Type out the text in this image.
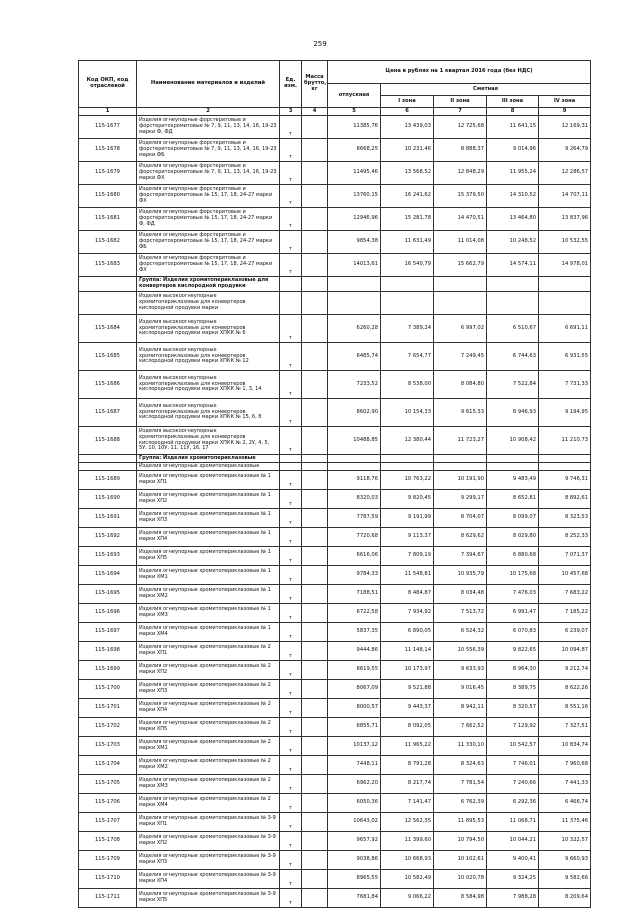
259
Код ОКП, код отраслевой	Наименование материалов и изделий	Ед. изм.	Масса брутто, кг	Цена в рублях на 1 квартал 2016 года (без НДС)				
				отпускная	Сметная			
					I зона	II зона	III зона	IV зона
1	2	3	4	5	6	7	8	9
115-1677	Изделия огнеупорные форстеритовые и форстеритохромитовые № 7, 9, 11, 13, 14, 16, 19-23 марки Ф, ФД	т		11385,76	13 439,03	12 725,68	11 641,15	12 169,31
115-1678	Изделия огнеупорные форстеритовые и форстеритохромитовые № 7, 9, 11, 13, 14, 16, 19-23 марки ФБ	т		8668,25	10 231,46	8 888,37	9 014,96	9 264,79
115-1679	Изделия огнеупорные форстеритовые и форстеритохромитовые № 7, 9, 11, 13, 14, 16, 19-23 марки ФХ	т		11495,46	13 568,52	12 848,29	11 955,24	12 286,57
115-1680	Изделия огнеупорные форстеритовые и форстеритохромитовые № 15, 17, 18, 24-27 марки ФХ	т		13760,15	16 241,62	15 379,50	14 310,52	14 707,11
115-1681	Изделия огнеупорные форстеритовые и форстеритохромитовые № 15, 17, 18, 24-27 марки Ф, ФД	т		12946,96	15 281,78	14 470,51	13 464,80	13 837,96
115-1682	Изделия огнеупорные форстеритовые и форстеритохромитовые № 15, 17, 18, 24-27 марки ФБ	т		9854,38	11 631,49	11 014,08	10 248,52	10 532,55
115-1683	Изделия огнеупорные форстеритовые и форстеритохромитовые № 15, 17, 18, 24-27 марки ФХ	т		14013,61	16 540,79	15 662,79	14 574,11	14 978,01
	Группа: Изделия хромитопериклазовые для конвертеров кислородной продувки							
	Изделия высокоогнеупорные хромитопериклазовые для конвертеров кислородной продувки марки							
115-1684	Изделия высокоогнеупорные хромитопериклазовые для конвертеров кислородной продувки марки ХПКК № 6	т		6260,28	7 389,24	6 997,02	6 510,67	6 691,11
115-1685	Изделия высокоогнеупорные хромитопериклазовые для конвертеров кислородной продувки марки ХПКК № 12	т		6485,74	7 654,77	7 249,45	6 744,63	6 931,55
115-1686	Изделия высокоогнеупорные хромитопериклазовые для конвертеров кислородной продувки марки ХПКК № 1, 3, 14	т		7233,52	8 538,00	8 084,80	7 522,84	7 731,33
115-1687	Изделия высокоогнеупорные хромитопериклазовые для конвертеров кислородной продувки марки ХПКК № 15, 6, 8	т		8602,90	10 154,33	9 615,33	8 946,93	9 194,95
115-1688	Изделия высокоогнеупорные хромитопериклазовые для конвертеров кислородной продувки марки ХПКК № 2, 2У, 4, 5, 5У, 10, 10У, 11, 11У, 16, 17	т		10488,85	12 380,44	11 723,27	10 908,42	11 210,73
	Группа: Изделия хромитопериклазовые							
	Изделия огнеупорные хромитопериклазовые							
115-1689	Изделия огнеупорные хромитопериклазовые № 1 марки ХП1	т		9118,76	10 763,22	10 191,90	9 483,49	9 746,31
115-1690	Изделия огнеупорные хромитопериклазовые № 1 марки ХП2	т		8320,03	9 820,45	9 299,17	8 652,81	8 892,61
115-1691	Изделия огнеупорные хромитопериклазовые № 1 марки ХП3	т		7787,59	9 191,99	8 704,07	8 099,07	8 323,53
115-1692	Изделия огнеупорные хромитопериклазовые № 1 марки ХП4	т		7720,68	9 113,37	8 629,62	8 029,80	8 252,33
115-1693	Изделия огнеупорные хромитопериклазовые № 1 марки ХП5	т		6616,06	7 809,19	7 394,67	6 880,68	7 071,37
115-1694	Изделия огнеупорные хромитопериклазовые № 1 марки ХМ1	т		9784,33	11 548,81	10 935,79	10 175,68	10 457,68
115-1695	Изделия огнеупорные хромитопериклазовые № 1 марки ХМ2	т		7188,51	8 484,87	8 034,48	7 476,03	7 683,22
115-1696	Изделия огнеупорные хромитопериклазовые № 1 марки ХМ3	т		6722,58	7 934,92	7 513,72	6 991,47	7 185,22
115-1697	Изделия огнеупорные хромитопериклазовые № 1 марки ХМ4	т		5837,35	6 890,05	6 524,32	6 070,83	6 239,07
115-1698	Изделия огнеупорные хромитопериклазовые № 2 марки ХП1	т		9444,86	11 148,14	10 556,39	9 822,65	10 094,87
115-1699	Изделия огнеупорные хромитопериклазовые № 2 марки ХП2	т		8619,55	10 173,97	9 633,93	8 964,30	9 212,74
115-1700	Изделия огнеупорные хромитопериклазовые № 2 марки ХП3	т		8067,09	9 521,88	9 016,45	8 389,75	8 622,26
115-1701	Изделия огнеупорные хромитопериклазовые № 2 марки ХП4	т		8000,57	9 443,37	8 942,11	8 320,57	8 551,16
115-1702	Изделия огнеупорные хромитопериклазовые № 2 марки ХП5	т		6855,71	8 092,05	7 662,52	7 129,92	7 327,51
115-1703	Изделия огнеупорные хромитопериклазовые № 2 марки ХМ1	т		10137,12	11 965,22	11 330,10	10 542,57	10 834,74
115-1704	Изделия огнеупорные хромитопериклазовые № 2 марки ХМ2	т		7448,11	8 791,28	8 324,63	7 746,01	7 960,68
115-1705	Изделия огнеупорные хромитопериклазовые № 2 марки ХМ3	т		6962,20	8 217,74	7 781,54	7 240,66	7 441,33
115-1706	Изделия огнеупорные хромитопериклазовые № 2 марки ХМ4	т		6050,36	7 141,47	6 762,39	6 292,36	6 466,74
115-1707	Изделия огнеупорные хромитопериклазовые № 3-9 марки ХП1	т		10643,02	12 562,35	11 895,53	11 068,71	11 375,46
115-1708	Изделия огнеупорные хромитопериклазовые № 3-9 марки ХП2	т		9657,92	11 399,60	10 794,50	10 044,21	10 322,57
115-1709	Изделия огнеупорные хромитопериклазовые № 3-9 марки ХП3	т		9038,86	10 668,93	10 102,61	9 400,41	9 660,93
115-1710	Изделия огнеупорные хромитопериклазовые № 3-9 марки ХП4	т		8965,55	10 582,49	10 020,78	9 324,25	9 582,66
115-1711	Изделия огнеупорные хромитопериклазовые № 3-9 марки ХП5	т		7681,84	9 066,22	8 584,98	7 988,28	8 209,64
